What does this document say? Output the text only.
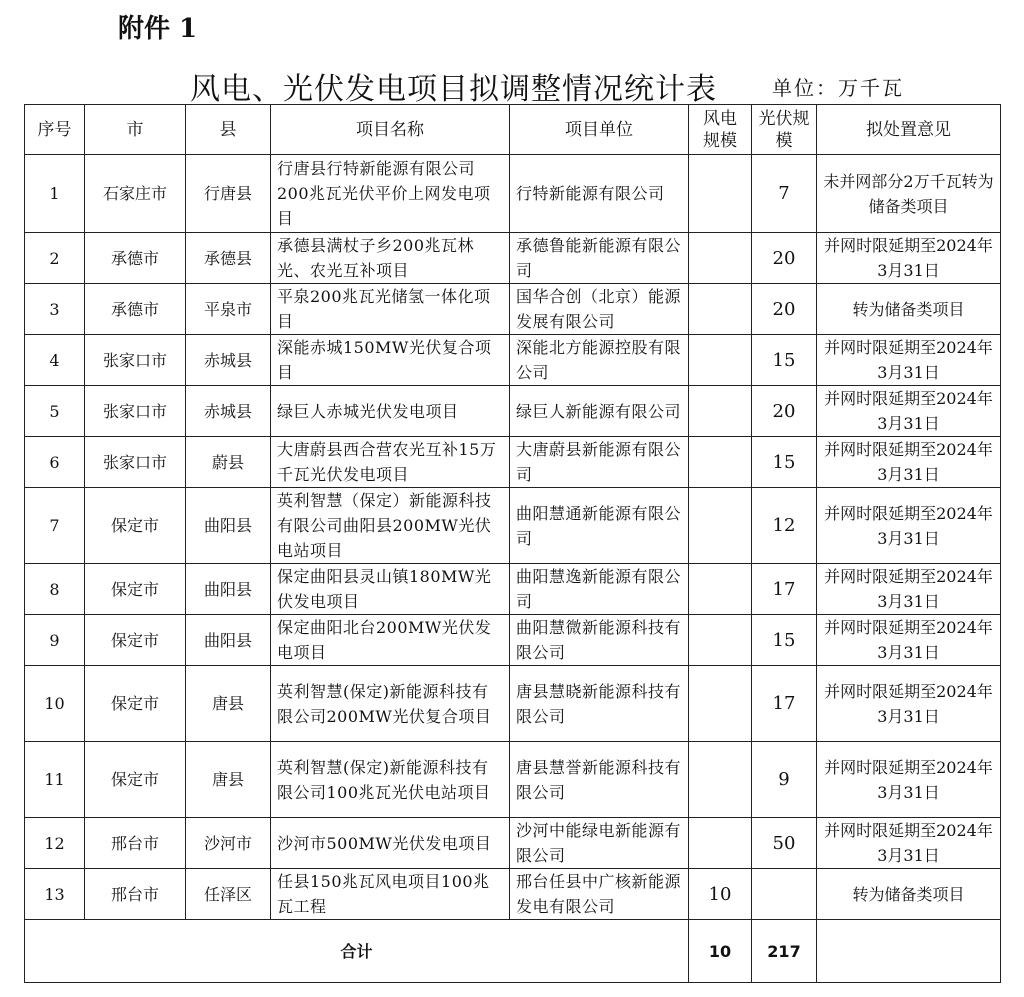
附件 1
风电、光伏发电项目拟调整情况统计表	单位：万千瓦
序号	市	县	项目名称	项目单位	风电规模	光伏规模	拟处置意见
1	石家庄市	行唐县	行唐县行特新能源有限公司200兆瓦光伏平价上网发电项目	行特新能源有限公司		7	未并网部分2万千瓦转为储备类项目
2	承德市	承德县	承德县满杖子乡200兆瓦林光、农光互补项目	承德鲁能新能源有限公司		20	并网时限延期至2024年3月31日
3	承德市	平泉市	平泉200兆瓦光储氢一体化项目	国华合创（北京）能源发展有限公司		20	转为储备类项目
4	张家口市	赤城县	深能赤城150MW光伏复合项目	深能北方能源控股有限公司		15	并网时限延期至2024年3月31日
5	张家口市	赤城县	绿巨人赤城光伏发电项目	绿巨人新能源有限公司		20	并网时限延期至2024年3月31日
6	张家口市	蔚县	大唐蔚县西合营农光互补15万千瓦光伏发电项目	大唐蔚县新能源有限公司		15	并网时限延期至2024年3月31日
7	保定市	曲阳县	英利智慧（保定）新能源科技有限公司曲阳县200MW光伏电站项目	曲阳慧通新能源有限公司		12	并网时限延期至2024年3月31日
8	保定市	曲阳县	保定曲阳县灵山镇180MW光伏发电项目	曲阳慧逸新能源有限公司		17	并网时限延期至2024年3月31日
9	保定市	曲阳县	保定曲阳北台200MW光伏发电项目	曲阳慧微新能源科技有限公司		15	并网时限延期至2024年3月31日
10	保定市	唐县	英利智慧(保定)新能源科技有限公司200MW光伏复合项目	唐县慧晓新能源科技有限公司		17	并网时限延期至2024年3月31日
11	保定市	唐县	英利智慧(保定)新能源科技有限公司100兆瓦光伏电站项目	唐县慧誉新能源科技有限公司		9	并网时限延期至2024年3月31日
12	邢台市	沙河市	沙河市500MW光伏发电项目	沙河中能绿电新能源有限公司		50	并网时限延期至2024年3月31日
13	邢台市	任泽区	任县150兆瓦风电项目100兆瓦工程	邢台任县中广核新能源发电有限公司	10		转为储备类项目
合计					10	217	
